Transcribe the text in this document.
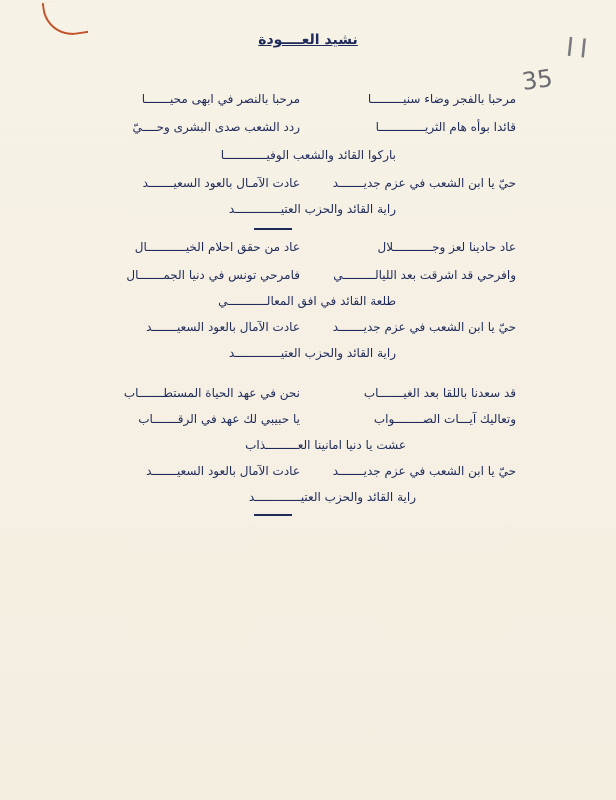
II
35
نشيد العــــودة
مرحبا بالنصر في ابهى محيـــــــا	مرحبا بالفجر وضاء سنيـــــــــا
ردد الشعب صدى البشرى وحــــيّ	قائدا بوأه هام الثريـــــــــــــا
باركوا القائد والشعب الوفيــــــــــــا
عادت الآمـال بالعود السعيـــــــد	حيّ يا ابن الشعب في عزم جديـــــــد
راية القائد والحزب العتيـــــــــــــد
عاد من حقق احلام الخيـــــــــــال	عاد حادينا لعز وجـــــــــــلال
فامرحي تونس في دنيا الجمـــــــال	وافرحي قد اشرقت بعد الليالـــــــــي
طلعة القائد في افق المعالـــــــــــي
عادت الآمال بالعود السعيـــــــد	حيّ يا ابن الشعب في عزم جديـــــــد
راية القائد والحزب العتيـــــــــــــد
نحن في عهد الحياة المستطـــــــاب	قد سعدنا باللقا بعد الغيـــــــاب
يا حبيبي لك عهد في الرقـــــــاب	وتعاليك آيـــات الصــــــــواب
عشت يا دنيا امانينا العـــــــــذاب
عادت الآمال بالعود السعيـــــــد	حيّ يا ابن الشعب في عزم جديـــــــد
راية القائد والحزب العتيـــــــــــــد
